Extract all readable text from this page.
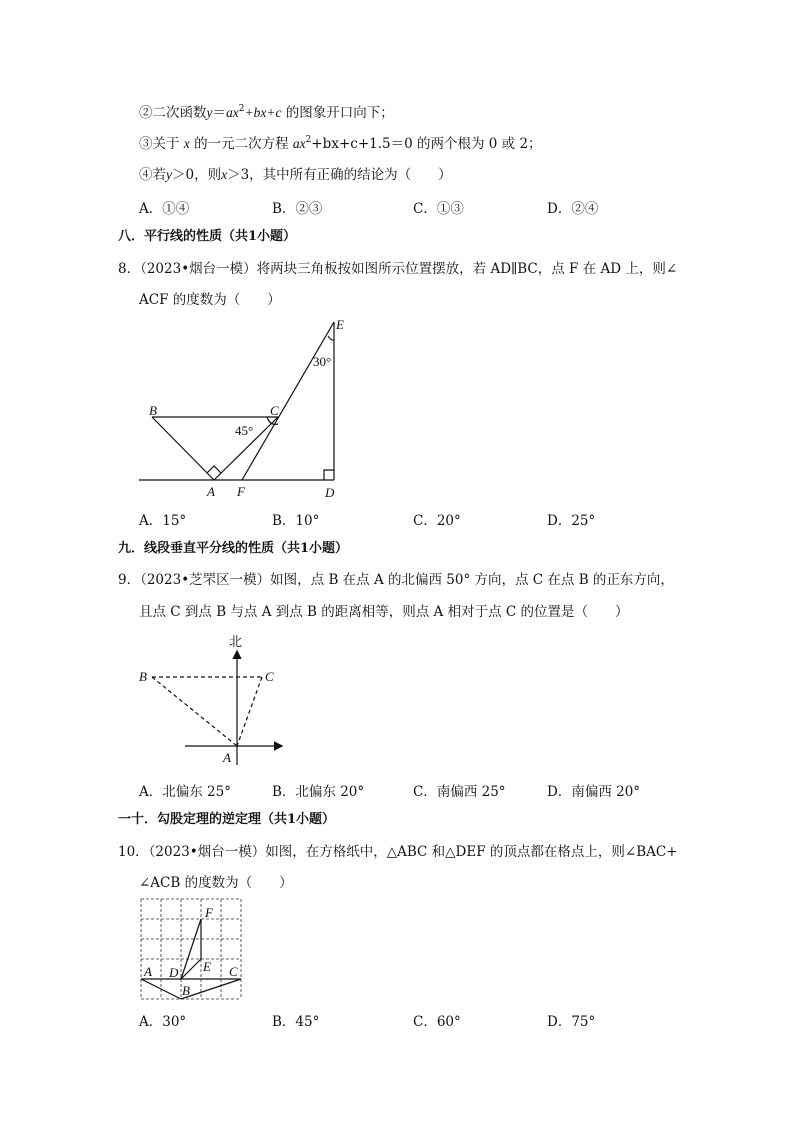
②二次函数$y=ax^2+bx+c$ 的图象开口向下；
③关于 x 的一元二次方程 $ax^2+bx+c+1.5=0$ 的两个根为 0 或 2；
④若y＞0，则x＞3，其中所有正确的结论为（　　）
A．①④	B．②③	C．①③	D．②④
八．平行线的性质（共1小题）
8．（2023•烟台一模）将两块三角板按如图所示位置摆放，若 AD∥BC，点 F 在 AD 上，则∠
ACF 的度数为（　　）
E
30°
B	C
45°
A F	D
A．15°	B．10°	C．20°	D．25°
九．线段垂直平分线的性质（共1小题）
9．（2023•芝罘区一模）如图，点 B 在点 A 的北偏西 50° 方向，点 C 在点 B 的正东方向，
且点 C 到点 B 与点 A 到点 B 的距离相等，则点 A 相对于点 C 的位置是（　　）
北
B	C
A
A．北偏东 25°	B．北偏东 20°	C．南偏西 25°	D．南偏西 20°
一十．勾股定理的逆定理（共1小题）
10．（2023•烟台一模）如图，在方格纸中，△ABC 和△DEF 的顶点都在格点上，则∠BAC+
∠ACB 的度数为（　　）
F
A D E C
B
A．30°	B．45°	C．60°	D．75°
